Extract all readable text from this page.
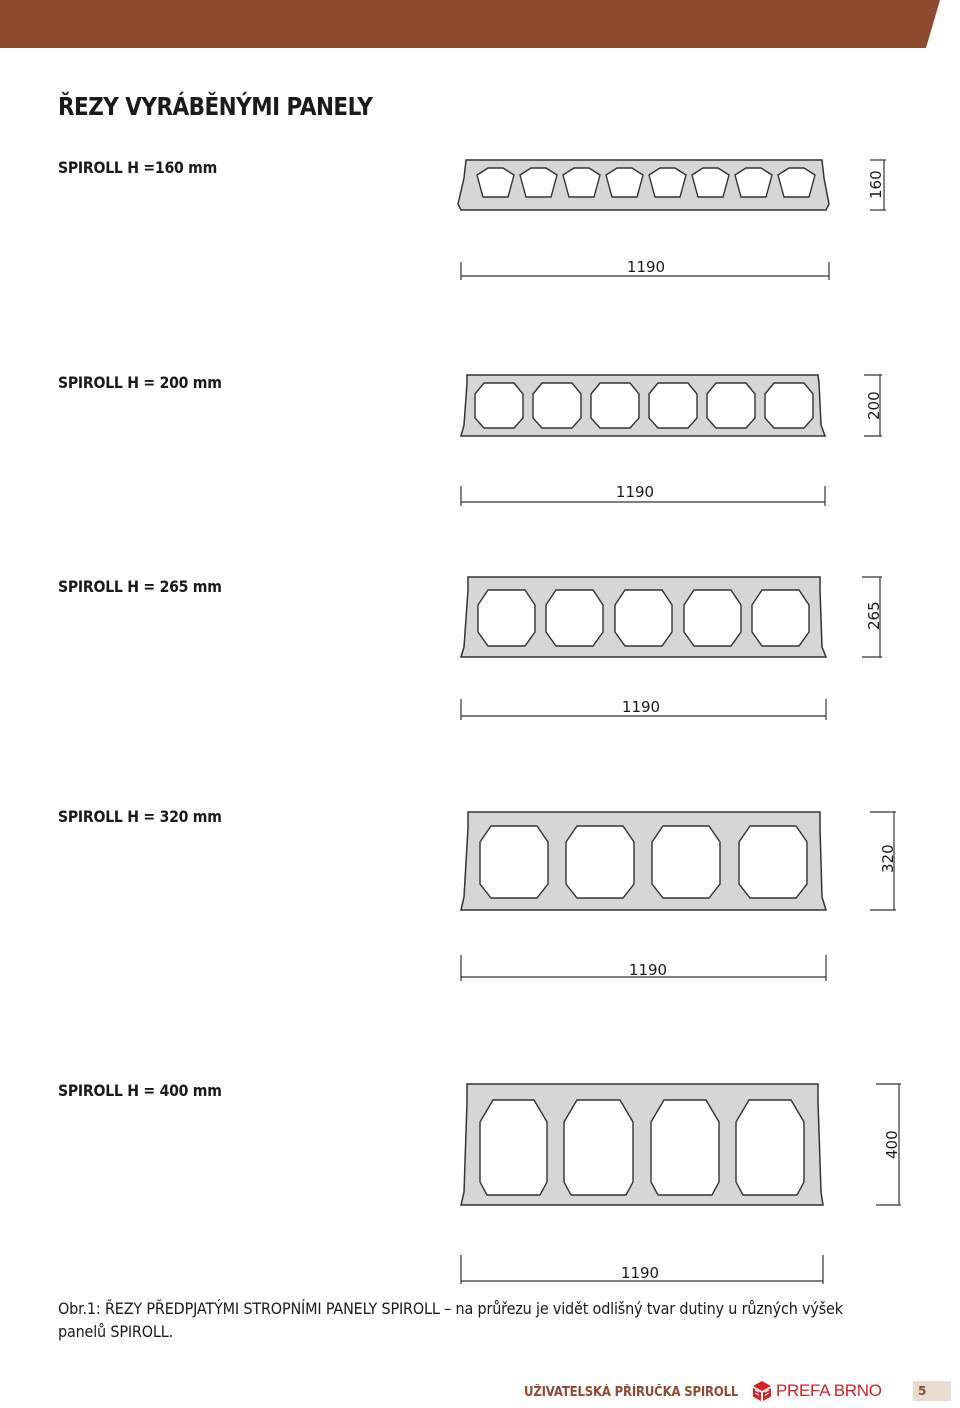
ŘEZY VYRÁBĚNÝMI PANELY
SPIROLL H =160 mm
160
1190
SPIROLL H = 200 mm
200
1190
SPIROLL H = 265 mm
265
1190
SPIROLL H = 320 mm
320
1190
SPIROLL H = 400 mm
400
1190
Obr.1: ŘEZY PŘEDPJATÝMI STROPNÍMI PANELY SPIROLL – na průřezu je vidět odlišný tvar dutiny u různých výšek panelů SPIROLL.
UŽIVATELSKÁ PŘÍRUČKA SPIROLL PREFA BRNO	5
